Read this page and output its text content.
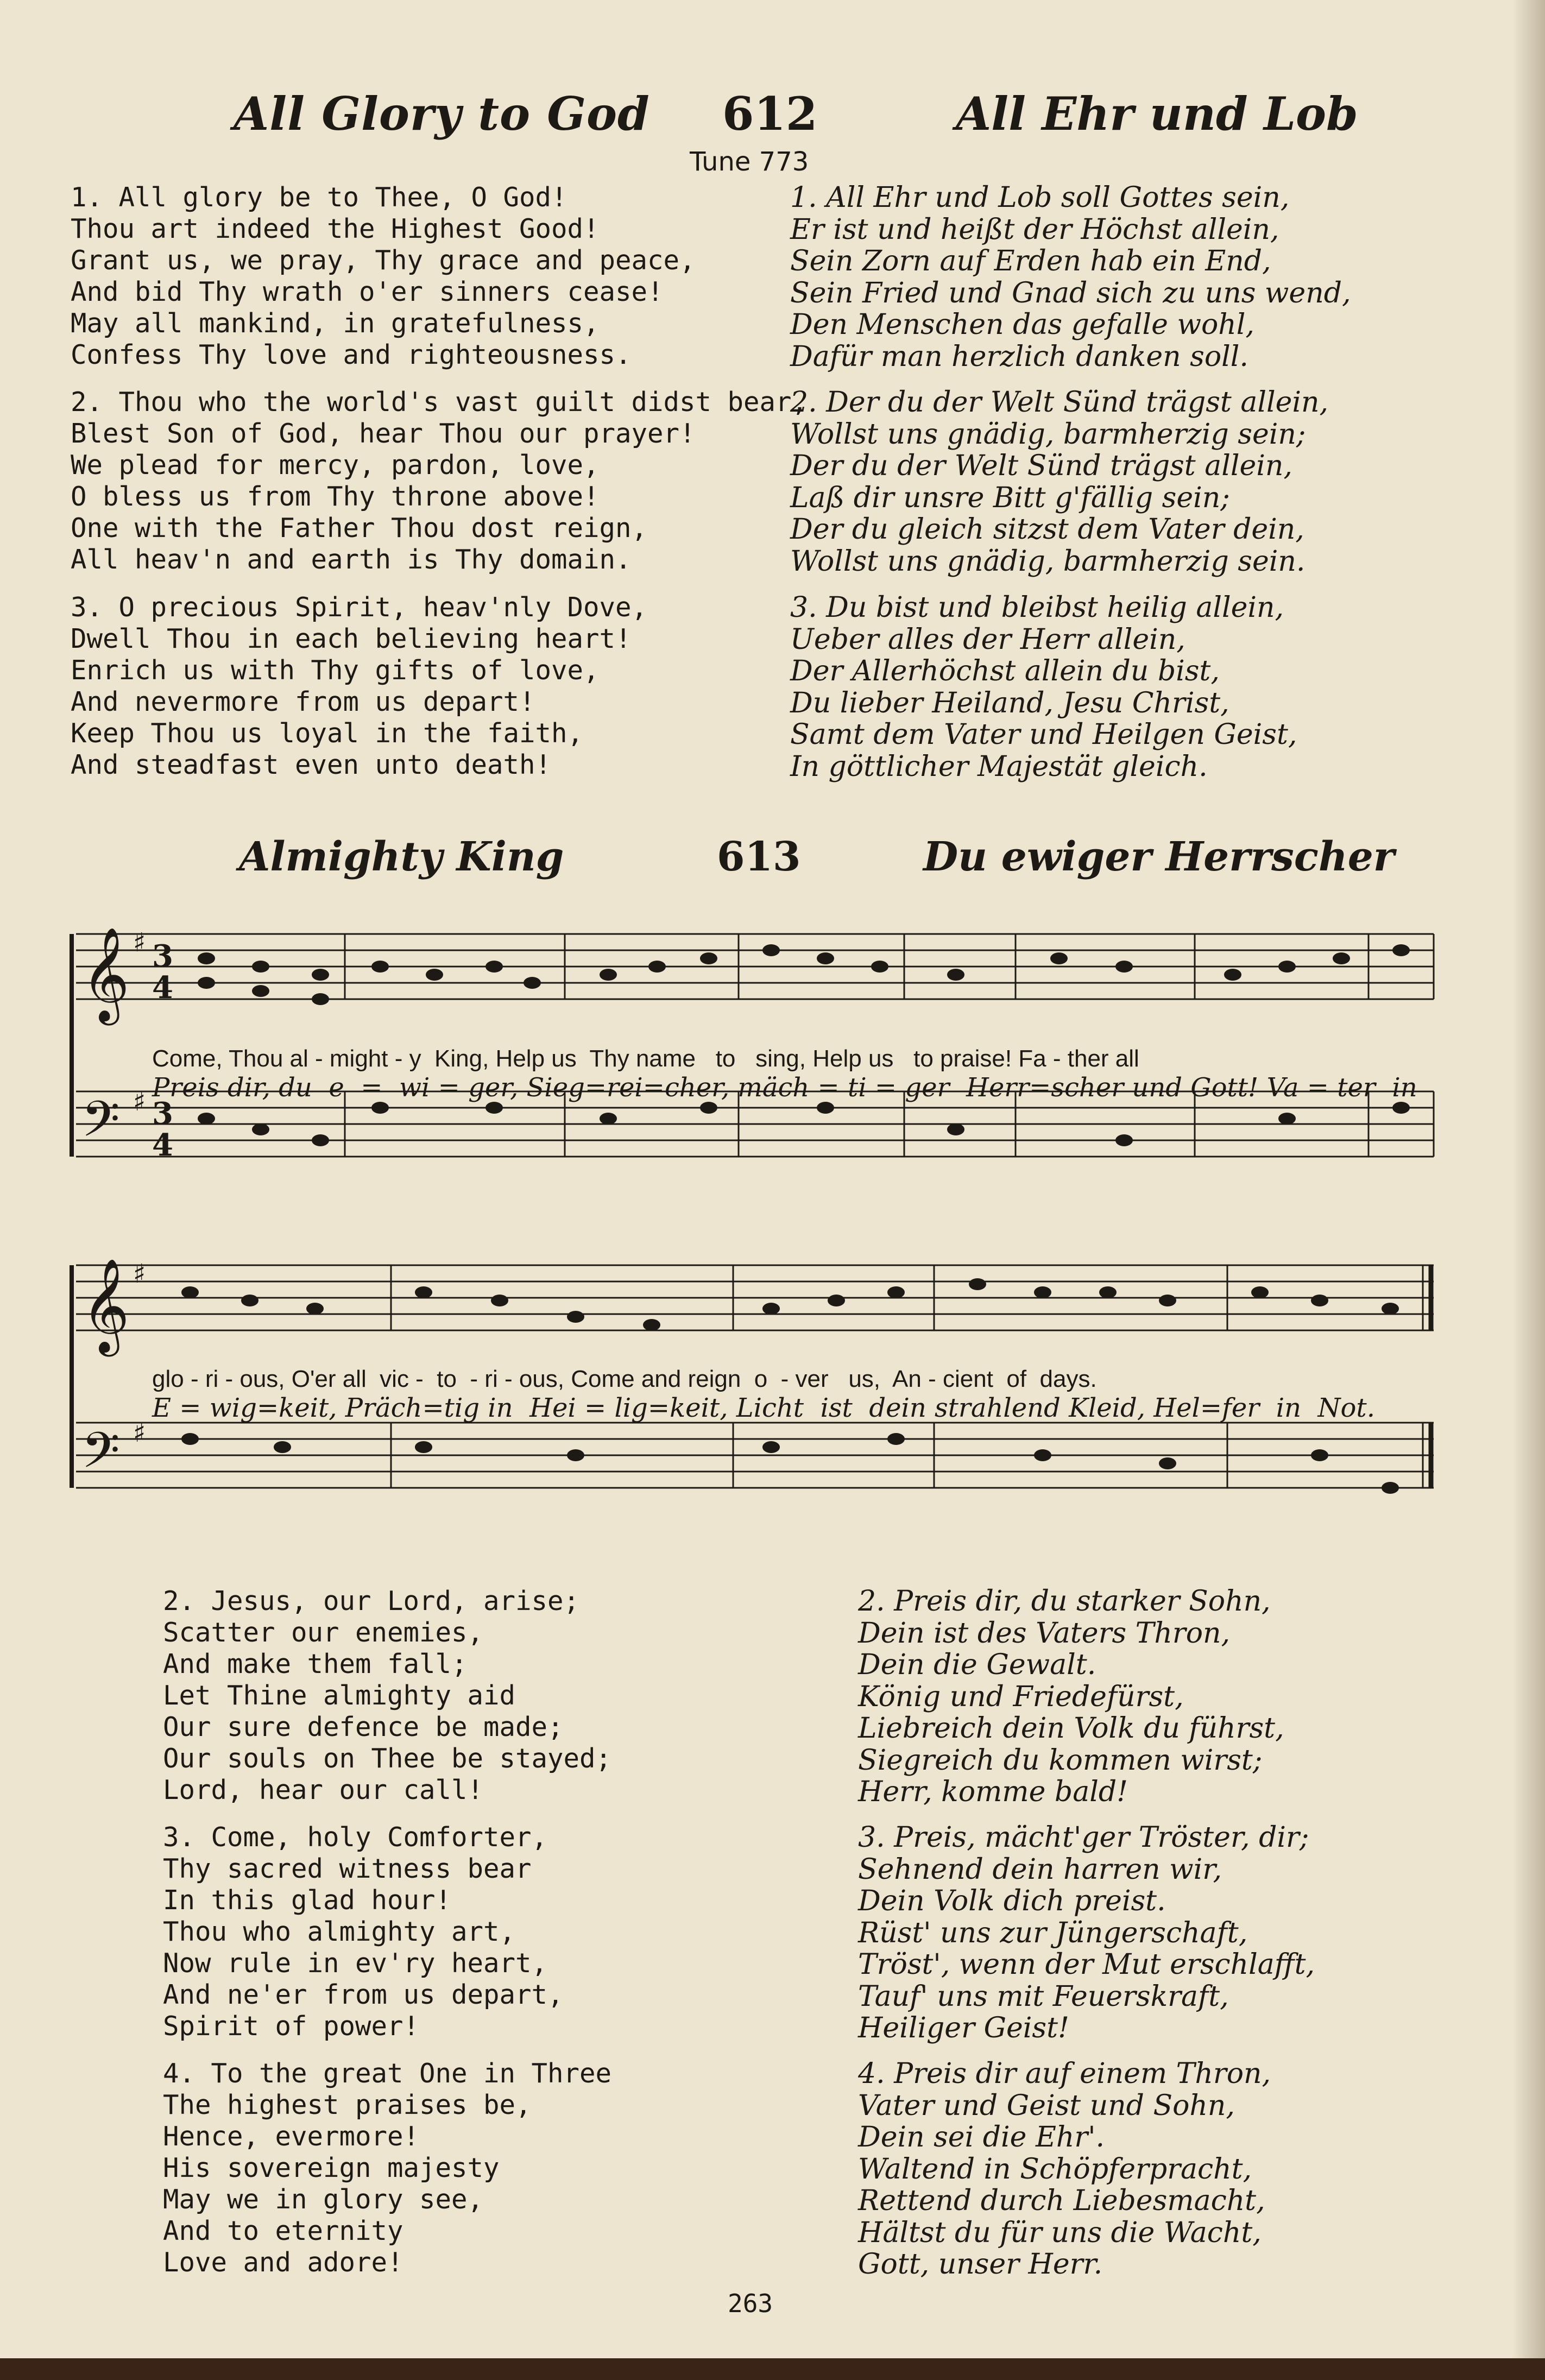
All Glory to God 612	All Ehr und Lob
Tune 773
1. All glory be to Thee, O God!
Thou art indeed the Highest Good!
Grant us, we pray, Thy grace and peace,
And bid Thy wrath o'er sinners cease!
May all mankind, in gratefulness,
Confess Thy love and righteousness.
2. Thou who the world's vast guilt didst bear,
Blest Son of God, hear Thou our prayer!
We plead for mercy, pardon, love,
O bless us from Thy throne above!
One with the Father Thou dost reign,
All heav'n and earth is Thy domain.
3. O precious Spirit, heav'nly Dove,
Dwell Thou in each believing heart!
Enrich us with Thy gifts of love,
And nevermore from us depart!
Keep Thou us loyal in the faith,
And steadfast even unto death!
1. All Ehr und Lob soll Gottes sein,
Er ist und heißt der Höchst allein,
Sein Zorn auf Erden hab ein End,
Sein Fried und Gnad sich zu uns wend,
Den Menschen das gefalle wohl,
Dafür man herzlich danken soll.
2. Der du der Welt Sünd trägst allein,
Wollst uns gnädig, barmherzig sein;
Der du der Welt Sünd trägst allein,
Laß dir unsre Bitt g'fällig sein;
Der du gleich sitzst dem Vater dein,
Wollst uns gnädig, barmherzig sein.
3. Du bist und bleibst heilig allein,
Ueber alles der Herr allein,
Der Allerhöchst allein du bist,
Du lieber Heiland, Jesu Christ,
Samt dem Vater und Heilgen Geist,
In göttlicher Majestät gleich.
Almighty King	613	Du ewiger Herrscher
𝄞
𝄢
𝄞
𝄢
♯
♯
♯
♯
3
4
3
4
Come, Thou al - might - y  King, Help us  Thy name   to   sing, Help us   to praise! Fa - ther all
Preis dir, du  e  =  wi = ger, Sieg=rei=cher, mäch = ti = ger  Herr=scher und Gott! Va = ter  in
glo - ri - ous, O'er all  vic -  to  - ri - ous, Come and reign  o  - ver   us,  An - cient  of  days.
E = wig=keit, Präch=tig in  Hei = lig=keit, Licht  ist  dein strahlend Kleid, Hel=fer  in  Not.
2. Jesus, our Lord, arise;
Scatter our enemies,
And make them fall;
Let Thine almighty aid
Our sure defence be made;
Our souls on Thee be stayed;
Lord, hear our call!
3. Come, holy Comforter,
Thy sacred witness bear
In this glad hour!
Thou who almighty art,
Now rule in ev'ry heart,
And ne'er from us depart,
Spirit of power!
4. To the great One in Three
The highest praises be,
Hence, evermore!
His sovereign majesty
May we in glory see,
And to eternity
Love and adore!
2. Preis dir, du starker Sohn,
Dein ist des Vaters Thron,
Dein die Gewalt.
König und Friedefürst,
Liebreich dein Volk du führst,
Siegreich du kommen wirst;
Herr, komme bald!
3. Preis, mächt'ger Tröster, dir;
Sehnend dein harren wir,
Dein Volk dich preist.
Rüst' uns zur Jüngerschaft,
Tröst', wenn der Mut erschlafft,
Tauf' uns mit Feuerskraft,
Heiliger Geist!
4. Preis dir auf einem Thron,
Vater und Geist und Sohn,
Dein sei die Ehr'.
Waltend in Schöpferpracht,
Rettend durch Liebesmacht,
Hältst du für uns die Wacht,
Gott, unser Herr.
263
